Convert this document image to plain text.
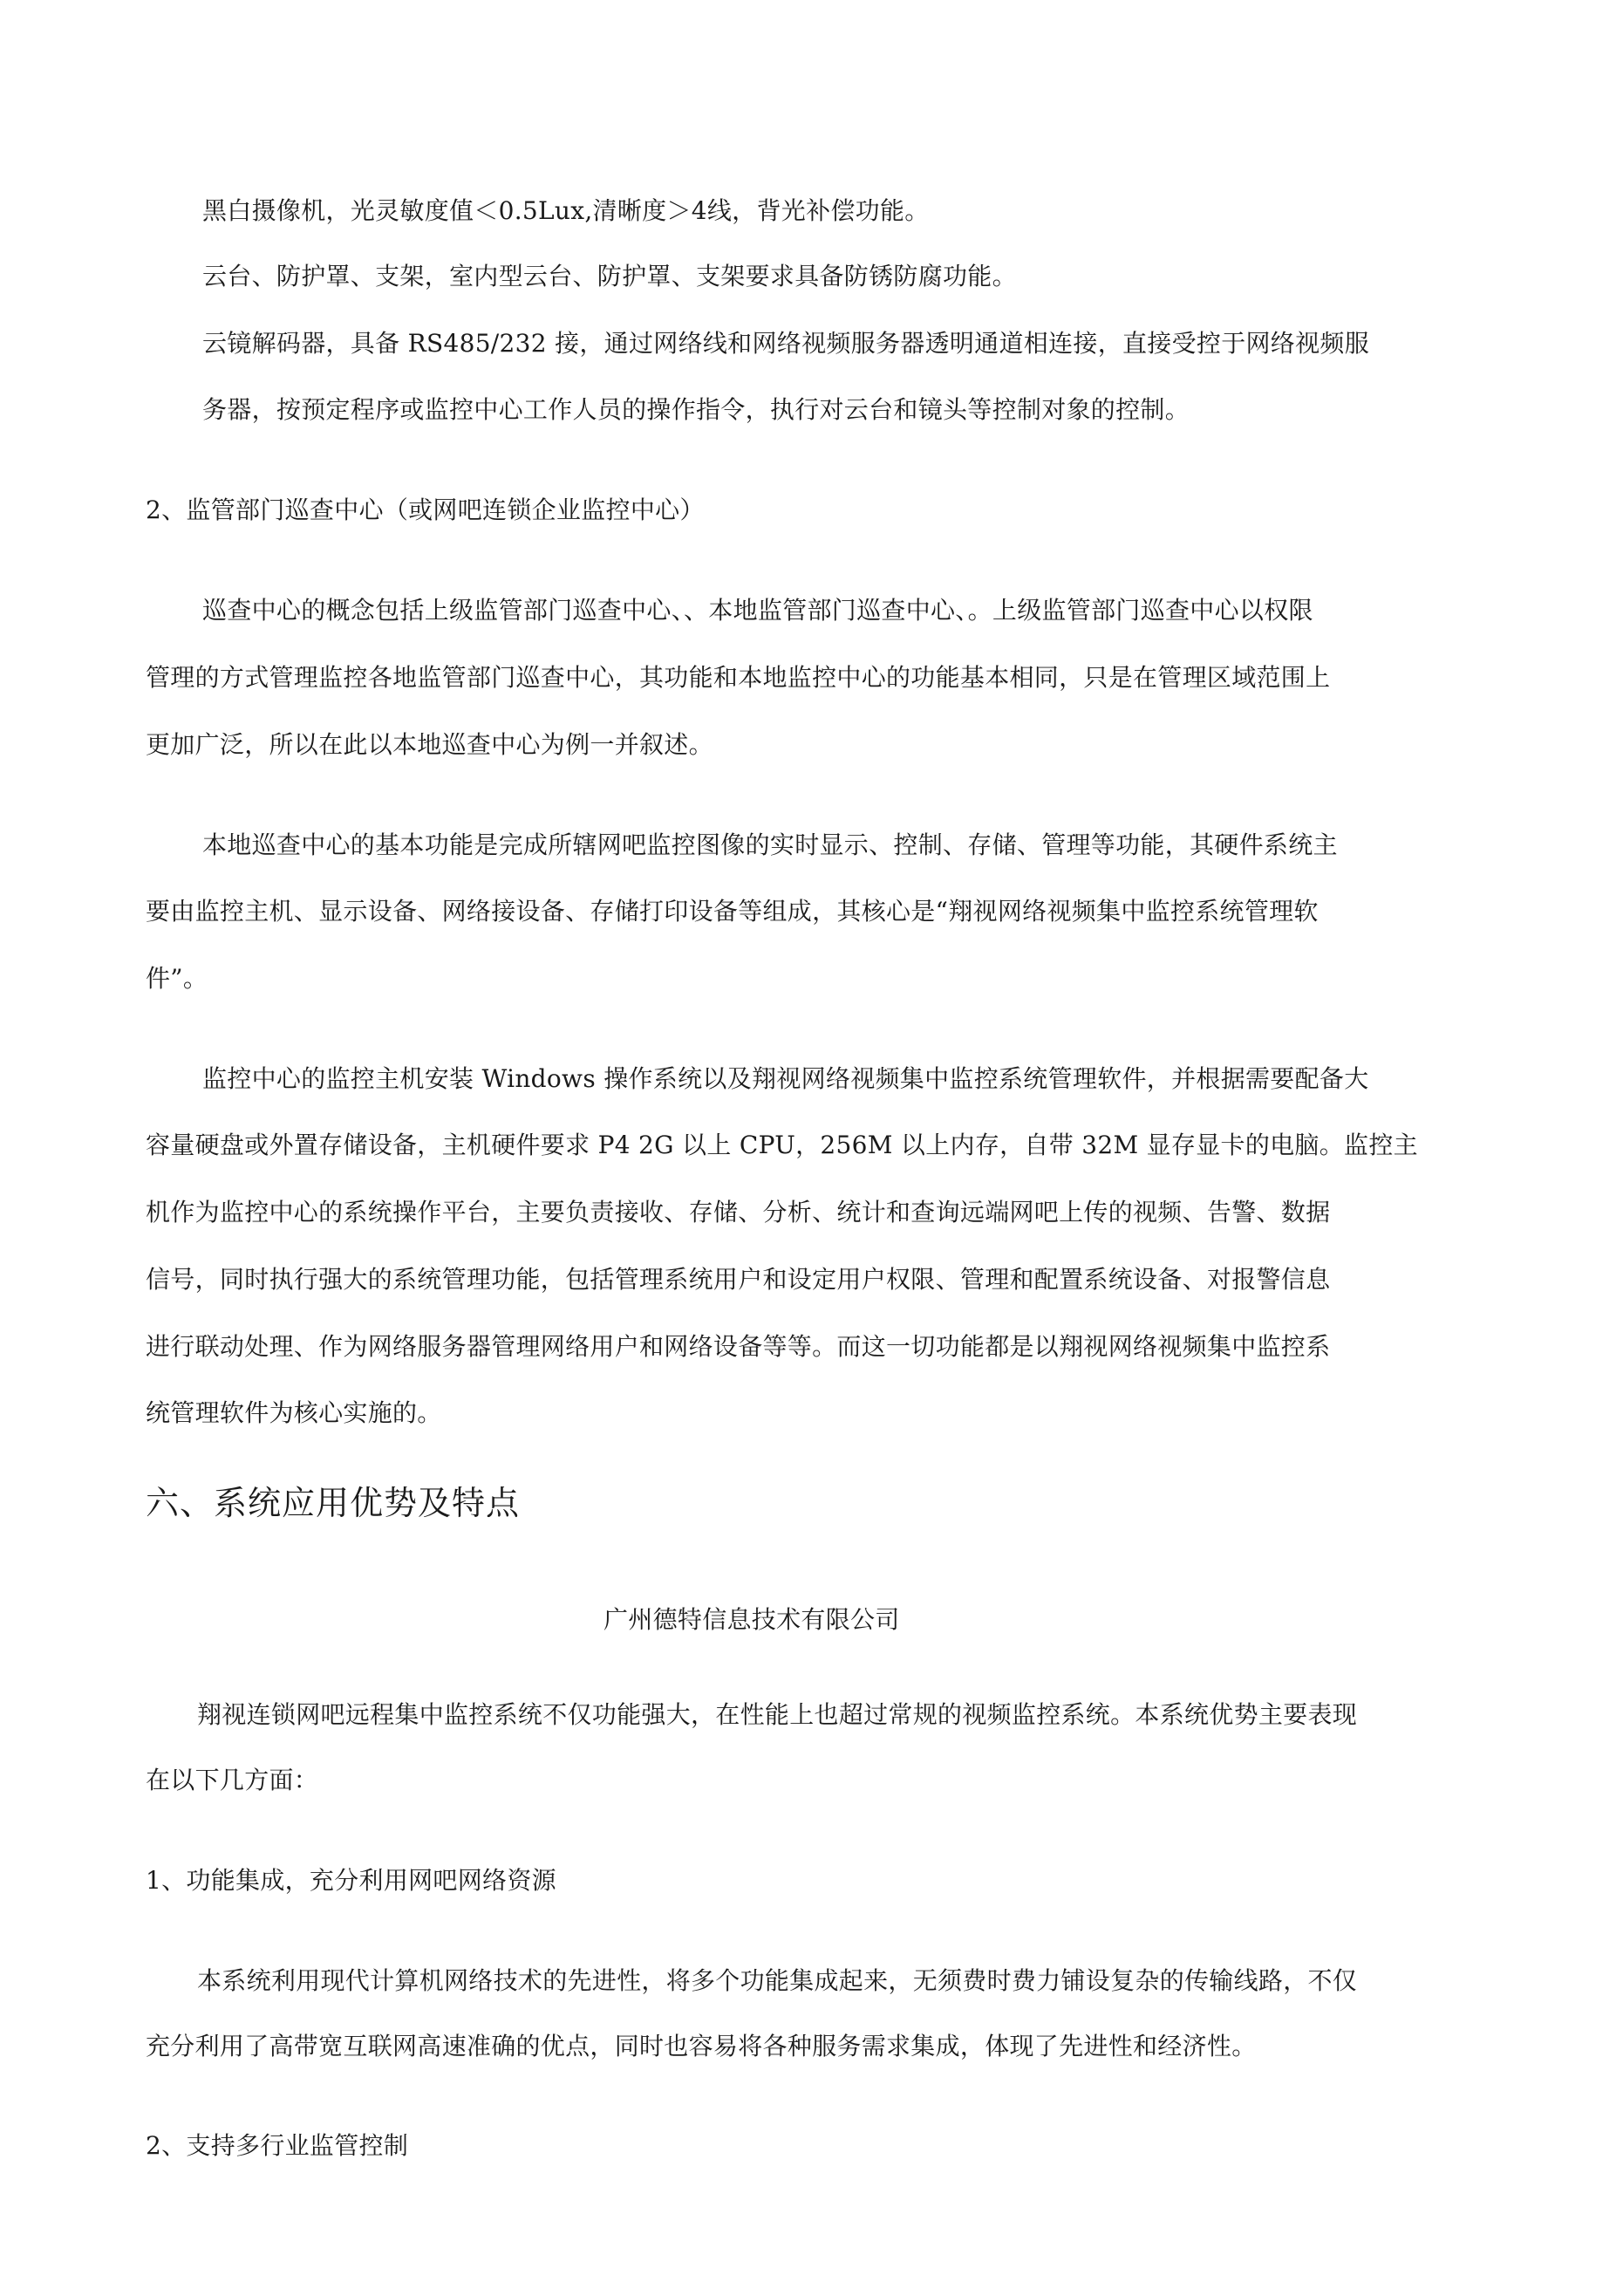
黑白摄像机，光灵敏度值＜0.5Lux,清晰度＞4线，背光补偿功能。
云台、防护罩、支架，室内型云台、防护罩、支架要求具备防锈防腐功能。
云镜解码器，具备 RS485/232 接，通过网络线和网络视频服务器透明通道相连接，直接受控于网络视频服
务器，按预定程序或监控中心工作人员的操作指令，执行对云台和镜头等控制对象的控制。
2、监管部门巡查中心（或网吧连锁企业监控中心）
巡查中心的概念包括上级监管部门巡查中心、、本地监管部门巡查中心、。上级监管部门巡查中心以权限
管理的方式管理监控各地监管部门巡查中心，其功能和本地监控中心的功能基本相同，只是在管理区域范围上
更加广泛，所以在此以本地巡查中心为例一并叙述。
本地巡查中心的基本功能是完成所辖网吧监控图像的实时显示、控制、存储、管理等功能，其硬件系统主
要由监控主机、显示设备、网络接设备、存储打印设备等组成，其核心是“翔视网络视频集中监控系统管理软
件”。
监控中心的监控主机安装 Windows 操作系统以及翔视网络视频集中监控系统管理软件，并根据需要配备大
容量硬盘或外置存储设备，主机硬件要求 P4 2G 以上 CPU，256M 以上内存，自带 32M 显存显卡的电脑。监控主
机作为监控中心的系统操作平台，主要负责接收、存储、分析、统计和查询远端网吧上传的视频、告警、数据
信号，同时执行强大的系统管理功能，包括管理系统用户和设定用户权限、管理和配置系统设备、对报警信息
进行联动处理、作为网络服务器管理网络用户和网络设备等等。而这一切功能都是以翔视网络视频集中监控系
统管理软件为核心实施的。
六、系统应用优势及特点
广州德特信息技术有限公司
翔视连锁网吧远程集中监控系统不仅功能强大，在性能上也超过常规的视频监控系统。本系统优势主要表现
在以下几方面：
1、功能集成，充分利用网吧网络资源
本系统利用现代计算机网络技术的先进性，将多个功能集成起来，无须费时费力铺设复杂的传输线路，不仅
充分利用了高带宽互联网高速准确的优点，同时也容易将各种服务需求集成，体现了先进性和经济性。
2、支持多行业监管控制
